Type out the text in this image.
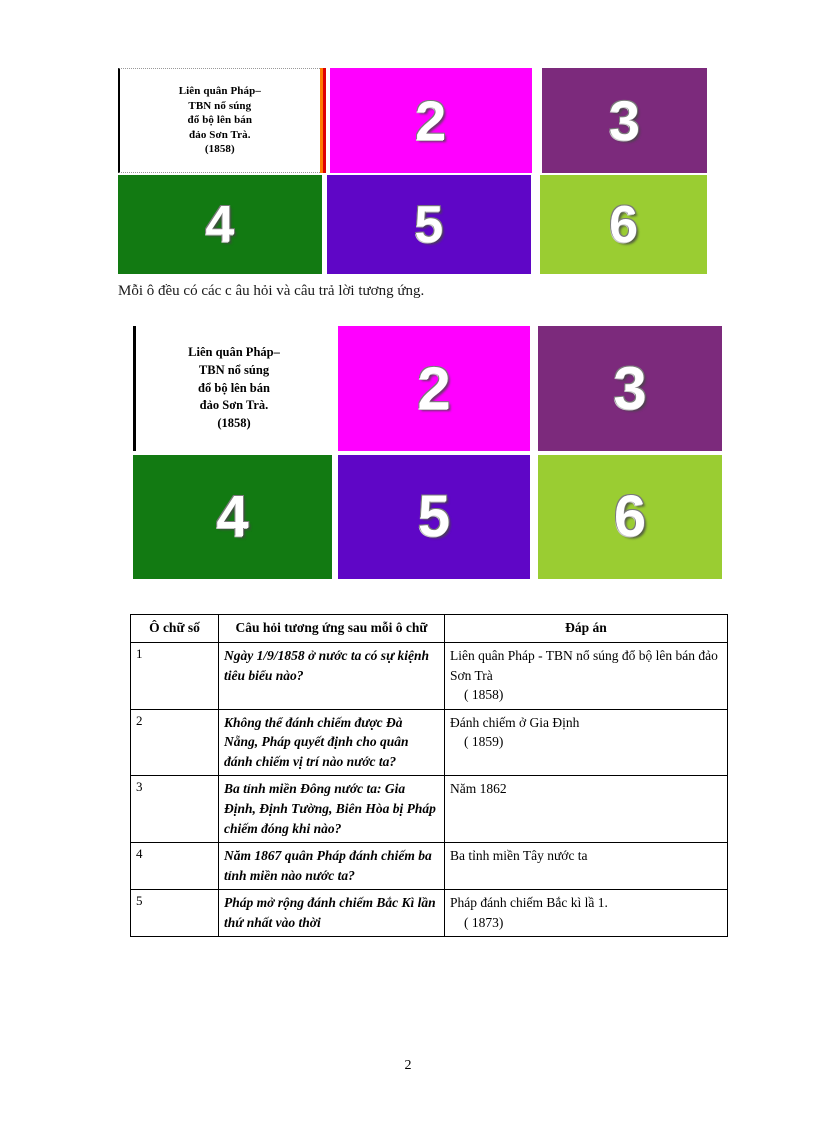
Liên quân Pháp–
TBN nổ súng
đổ bộ lên bán
đảo Sơn Trà.
(1858)	2	3
4	5	6
Mỗi ô đều có các c âu hỏi và câu trả lời tương ứng.
Liên quân Pháp–
TBN nổ súng
đổ bộ lên bán
đảo Sơn Trà.
(1858)
2	3
4	5	6
Ô chữ số	Câu hỏi tương ứng sau mỗi ô chữ	Đáp án
1	Ngày 1/9/1858 ở nước ta có sự kiệnh tiêu biểu nào?	Liên quân Pháp - TBN nổ súng đổ bộ lên bán đảo Sơn Trà
( 1858)

2	Không thể đánh chiếm được Đà Nẵng, Pháp quyết định cho quân đánh chiếm vị trí nào nước ta?	Đánh chiếm ở Gia Định
( 1859)

3	Ba tỉnh miền Đông nước ta: Gia Định, Định Tường, Biên Hòa bị Pháp chiếm đóng khi nào?	Năm 1862
4	Năm 1867 quân Pháp đánh chiếm ba tỉnh miền nào nước ta?	Ba tỉnh miền Tây nước ta
5	Pháp mở rộng đánh chiếm Bắc Kì lần thứ nhất vào thời	Pháp đánh chiếm Bắc kì lầ 1.
( 1873)
2
